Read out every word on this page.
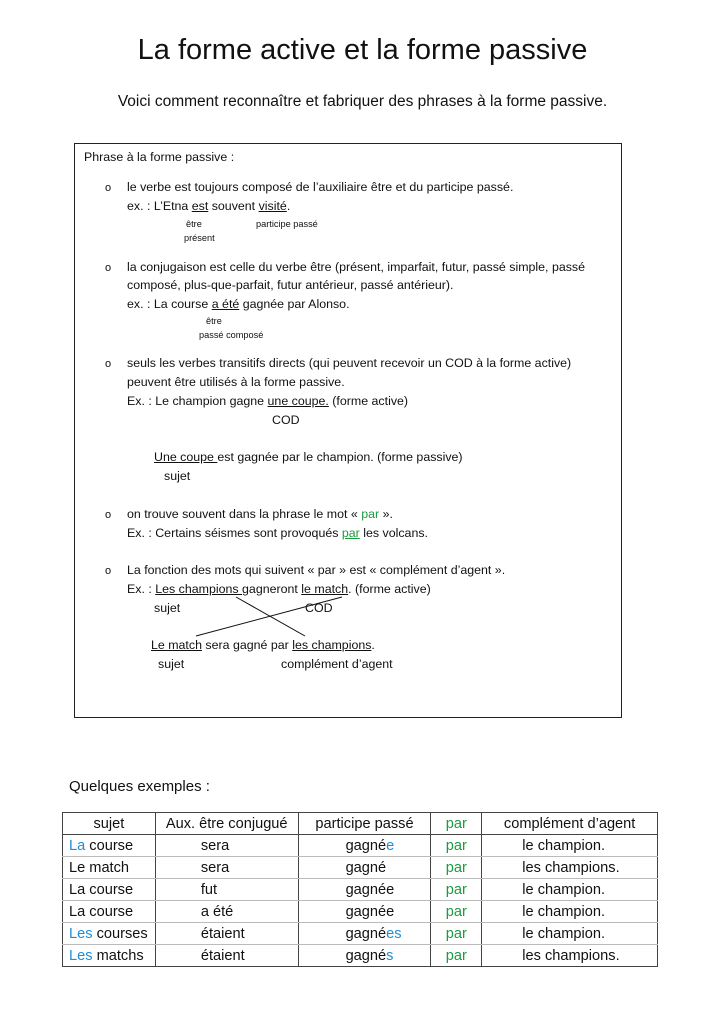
La forme active et la forme passive
Voici comment reconnaître et fabriquer des phrases à la forme passive.
Phrase à la forme passive :
o le verbe est toujours composé de l’auxiliaire être et du participe passé.
ex. : L’Etna est souvent visité.
être	participe passé
présent
o la conjugaison est celle du verbe être (présent, imparfait, futur, passé simple, passé
composé, plus-que-parfait, futur antérieur, passé antérieur).
ex. : La course a été gagnée par Alonso.
être
passé composé
o seuls les verbes transitifs directs (qui peuvent recevoir un COD à la forme active)
peuvent être utilisés à la forme passive.
Ex. : Le champion gagne une coupe. (forme active)
COD
Une coupe est gagnée par le champion. (forme passive)
sujet
o on trouve souvent dans la phrase le mot « par ».
Ex. : Certains séismes sont provoqués par les volcans.
o La fonction des mots qui suivent « par » est « complément d’agent ».
Ex. : Les champions gagneront le match. (forme active)
sujet	COD
Le match sera gagné par les champions.
sujet	complément d’agent
Quelques exemples :
sujet	Aux. être conjugué	participe passé	par	complément d’agent
La course	sera	gagnée	par	le champion.
Le match	sera	gagné	par	les champions.
La course	fut	gagnée	par	le champion.
La course	a été	gagnée	par	le champion.
Les courses	étaient	gagnées	par	le champion.
Les matchs	étaient	gagnés	par	les champions.
